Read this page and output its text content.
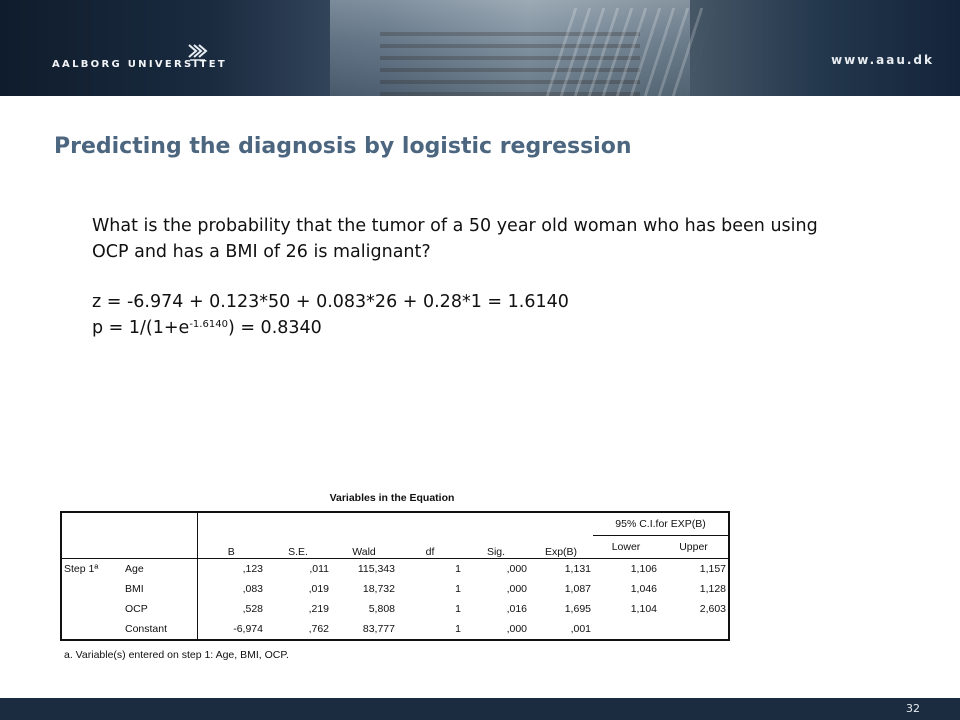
AALBORG UNIVERSITET	www.aau.dk
Predicting the diagnosis by logistic regression

What is the probability that the tumor of a 50 year old woman who has been using

OCP and has a BMI of 26 is malignant?

z = -6.974 + 0.123*50 + 0.083*26 + 0.28*1 = 1.6140

$p = 1/(1+e^{-1.6140}) = 0.8340$

Variables in the Equation
		B	S.E.	Wald	df	Sig.	Exp(B)	95% C.I.for EXP(B)	
								Lower	Upper
Step 1ª	Age	,123	,011	115,343	1	,000	1,131	1,106	1,157
	BMI	,083	,019	18,732	1	,000	1,087	1,046	1,128
	OCP	,528	,219	5,808	1	,016	1,695	1,104	2,603
	Constant	-6,974	,762	83,777	1	,000	,001		
a. Variable(s) entered on step 1: Age, BMI, OCP.
32
